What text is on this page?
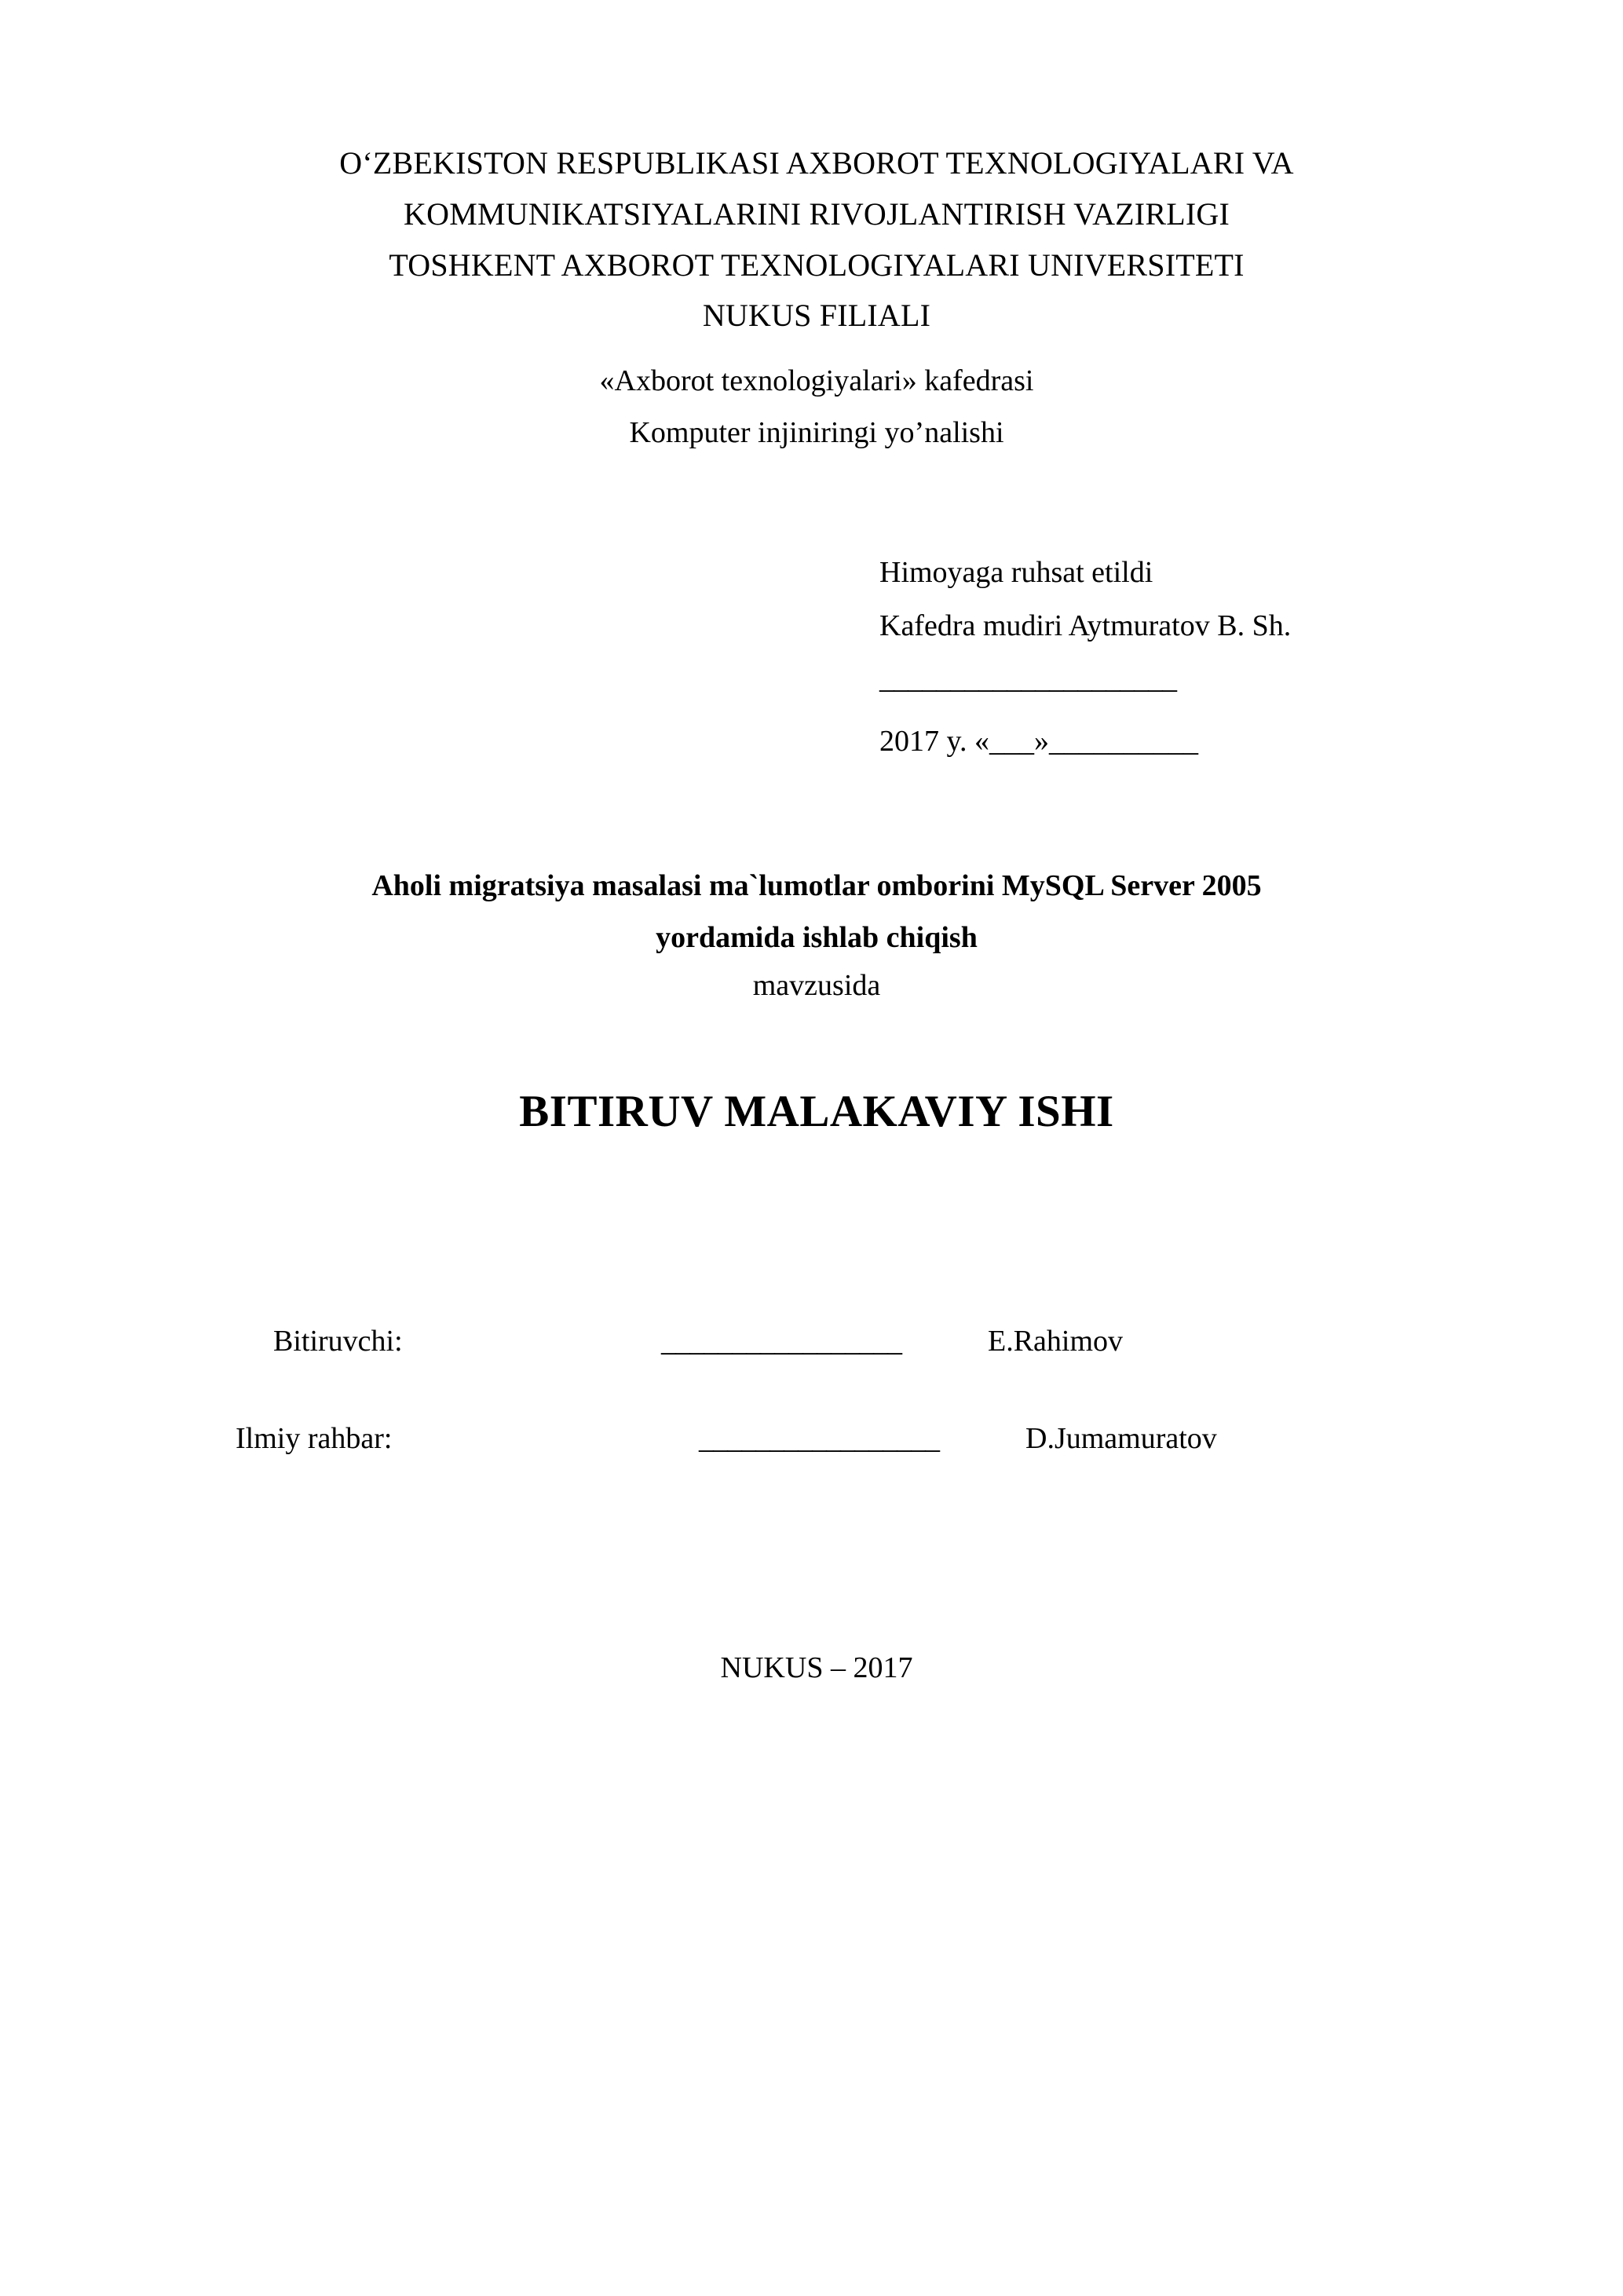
O‘ZBEKISTON RESPUBLIKASI AXBOROT TEXNOLOGIYALARI VA
KOMMUNIKATSIYALARINI RIVOJLANTIRISH VAZIRLIGI
TOSHKENT AXBOROT TEXNOLOGIYALARI UNIVERSITETI
NUKUS FILIALI
«Axborot texnologiyalari» kafedrasi
Komputer injiniringi yo’nalishi
Himoyaga ruhsat etildi
Kafedra mudiri Aytmuratov B. Sh.
_____________________
2017 y. «___»__________
Aholi migratsiya masalasi ma`lumotlar omborini MySQL Server 2005
yordamida ishlab chiqish
mavzusida
BITIRUV MALAKAVIY ISHI
Bitiruvchi:	_________________	E.Rahimov
Ilmiy rahbar:	_________________	D.Jumamuratov
NUKUS – 2017
